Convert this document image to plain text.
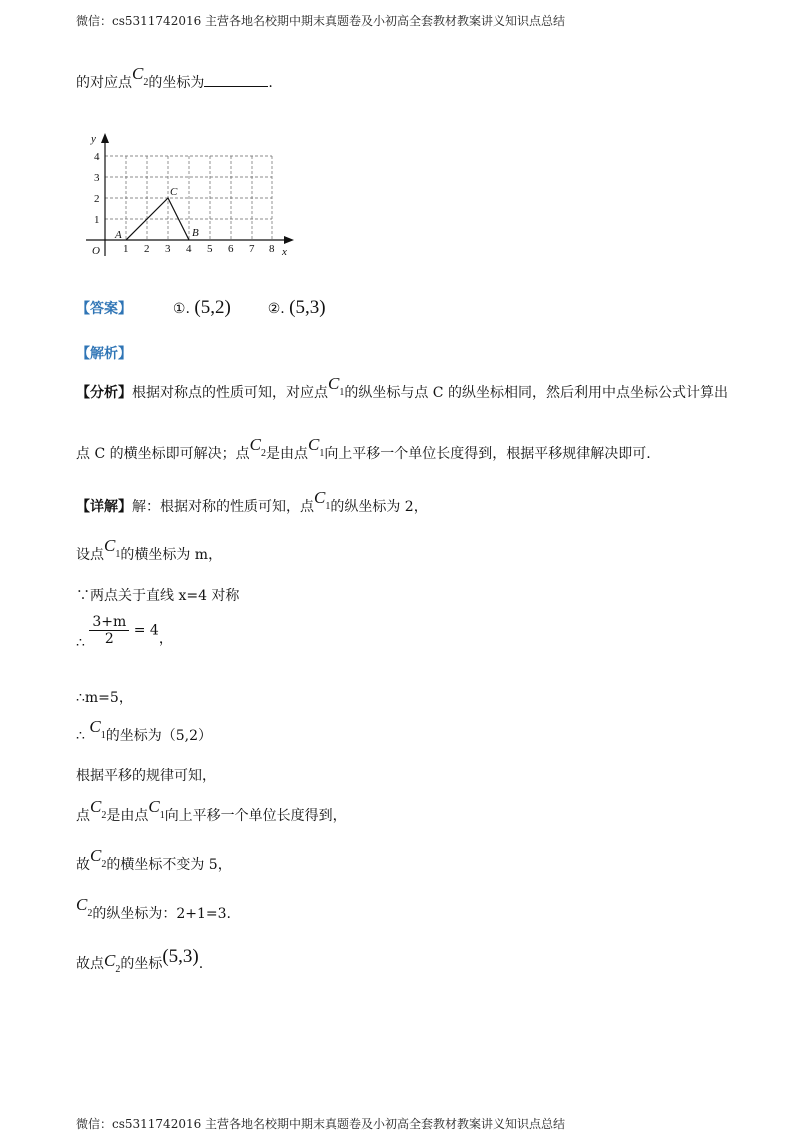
微信：cs5311742016 主营各地名校期中期末真题卷及小初高全套教材教案讲义知识点总结
微信：cs5311742016 主营各地名校期中期末真题卷及小初高全套教材教案讲义知识点总结
的对应点$C_2$的坐标为	.
x
y
O 1 2 3 4 5 6 7 8
1
2
3
4
A
C
B
【答案】	①. (5,2)	②. (5,3)
【解析】
【分析】根据对称点的性质可知，对应点$C_1$的纵坐标与点 C 的纵坐标相同，然后利用中点坐标公式计算出
点 C 的横坐标即可解决；点$C_2$是由点$C_1$向上平移一个单位长度得到，根据平移规律解决即可.
【详解】解：根据对称的性质可知，点$C_1$的纵坐标为 2，
设点$C_1$的横坐标为 m，
∵两点关于直线 x=4 对称
∴ $\frac{3+m}{2} = 4$，
∴m=5，
∴ $C_1$的坐标为（5,2）
根据平移的规律可知，
点$C_2$是由点$C_1$向上平移一个单位长度得到，
故$C_2$的横坐标不变为 5，
$C_2$的纵坐标为：2+1=3.
故点$C_2$的坐标(5,3).
